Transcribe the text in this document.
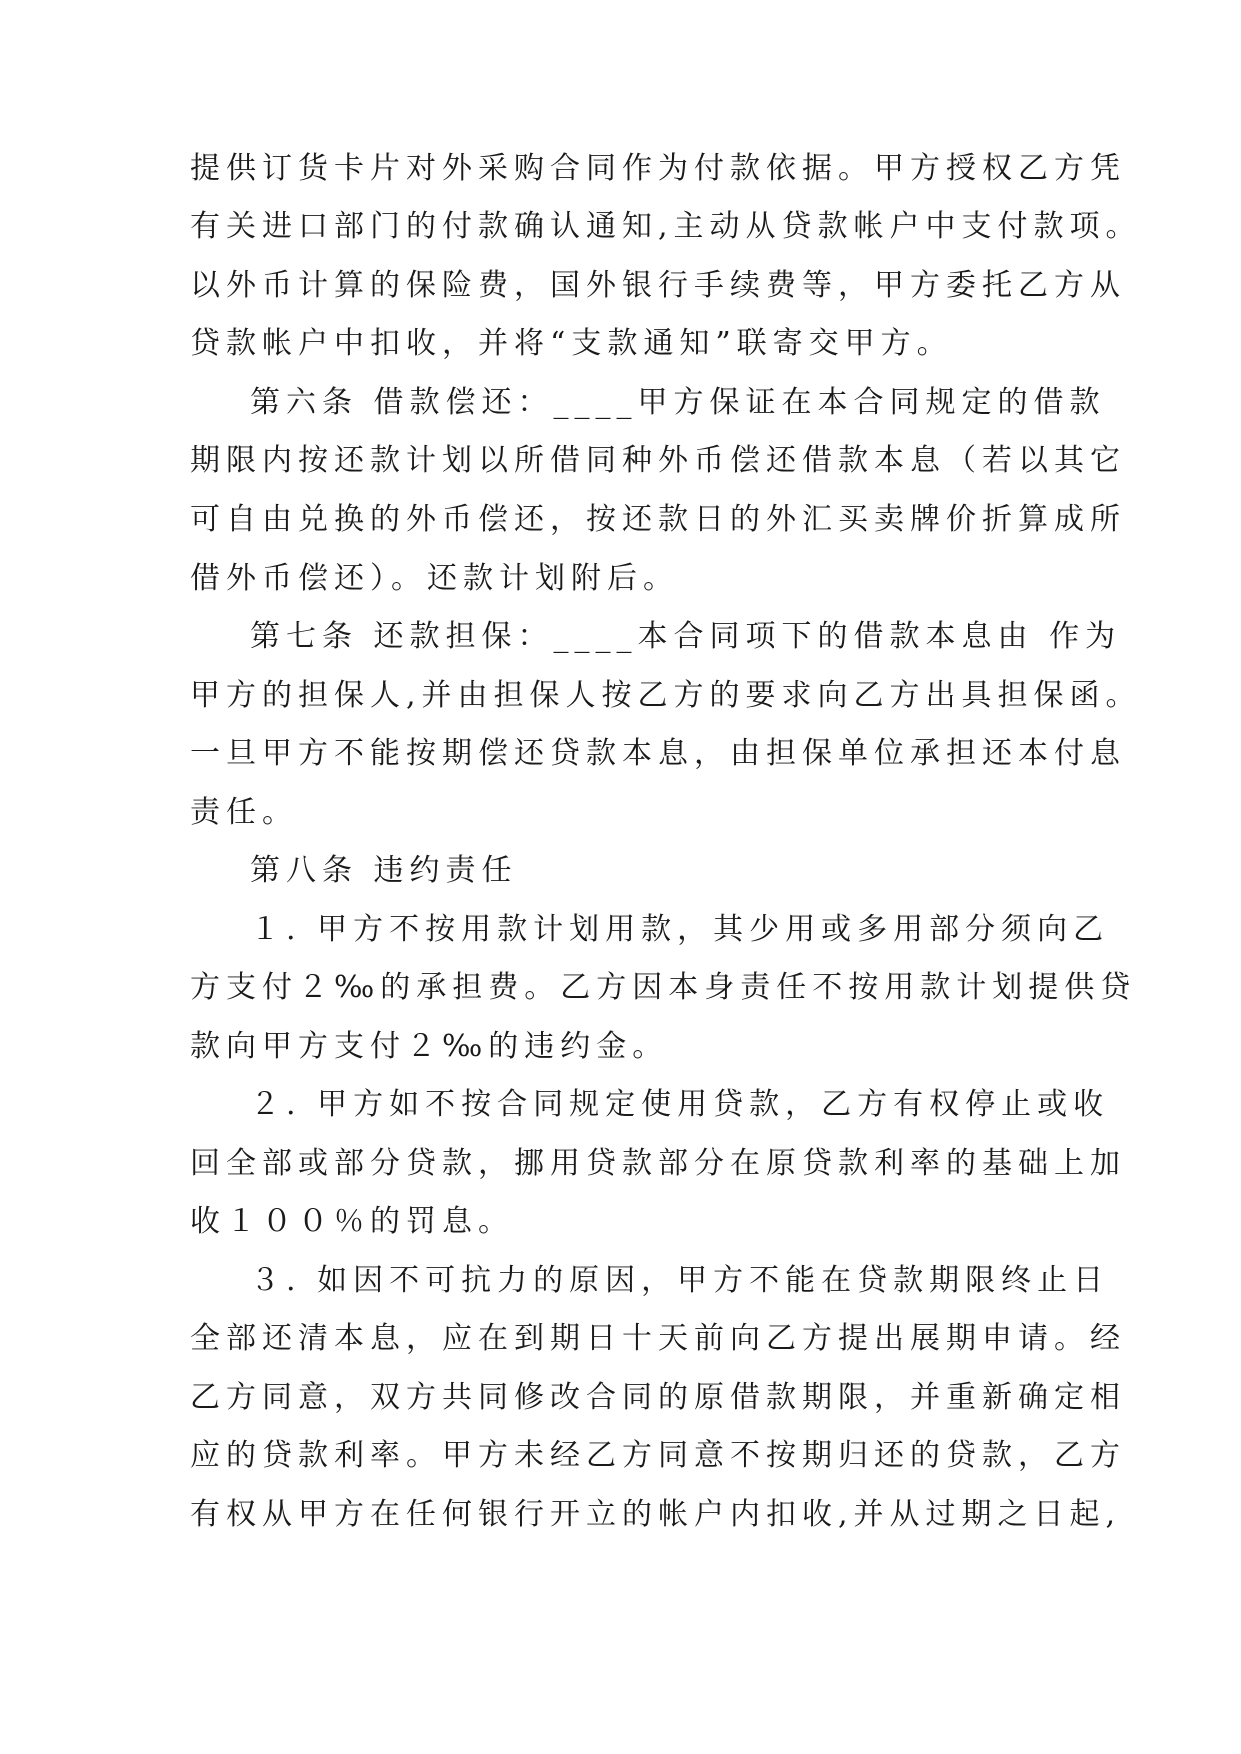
提供订货卡片对外采购合同作为付款依据。甲方授权乙方凭
有关进口部门的付款确认通知,主动从贷款帐户中支付款项。
以外币计算的保险费，国外银行手续费等，甲方委托乙方从
贷款帐户中扣收，并将“支款通知”联寄交甲方。
第六条 借款偿还：____甲方保证在本合同规定的借款
期限内按还款计划以所借同种外币偿还借款本息（若以其它
可自由兑换的外币偿还，按还款日的外汇买卖牌价折算成所
借外币偿还）。还款计划附后。
第七条 还款担保：____本合同项下的借款本息由 作为
甲方的担保人,并由担保人按乙方的要求向乙方出具担保函。
一旦甲方不能按期偿还贷款本息，由担保单位承担还本付息
责任。
第八条 违约责任
１. 甲方不按用款计划用款，其少用或多用部分须向乙
方支付２‰的承担费。乙方因本身责任不按用款计划提供贷
款向甲方支付２‰的违约金。
２. 甲方如不按合同规定使用贷款，乙方有权停止或收
回全部或部分贷款，挪用贷款部分在原贷款利率的基础上加
收１００％的罚息。
３. 如因不可抗力的原因，甲方不能在贷款期限终止日
全部还清本息，应在到期日十天前向乙方提出展期申请。经
乙方同意，双方共同修改合同的原借款期限，并重新确定相
应的贷款利率。甲方未经乙方同意不按期归还的贷款，乙方
有权从甲方在任何银行开立的帐户内扣收,并从过期之日起,
